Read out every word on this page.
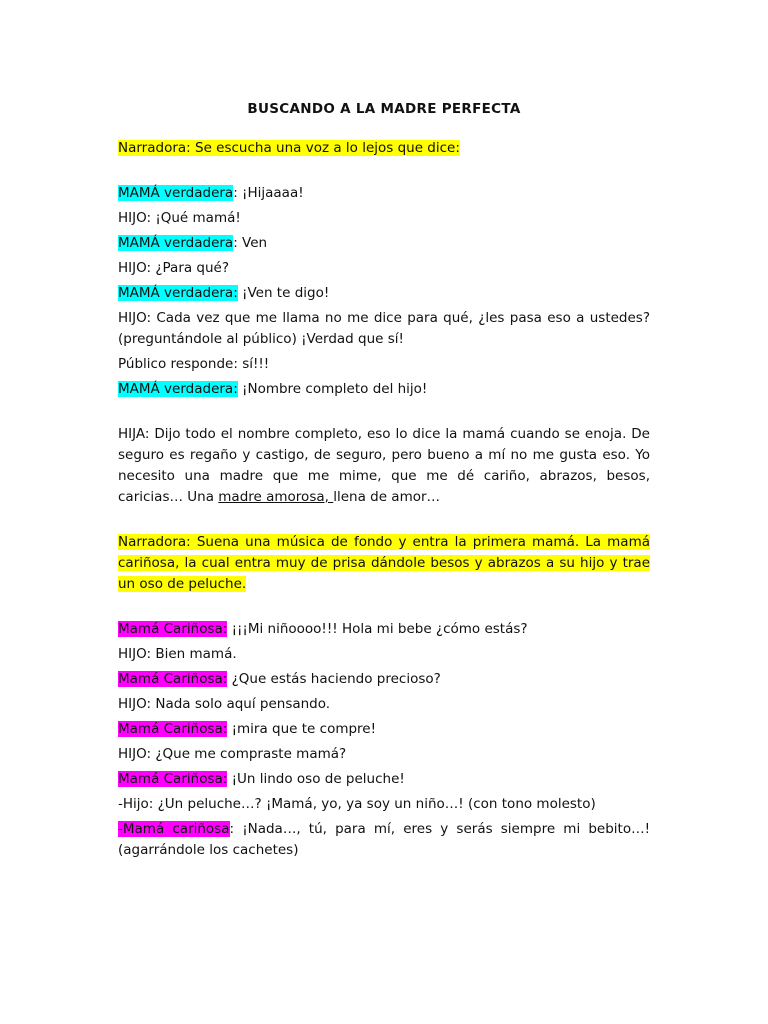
BUSCANDO A LA MADRE PERFECTA
Narradora: Se escucha una voz a lo lejos que dice:
MAMÁ verdadera: ¡Hijaaaa!
HIJO: ¡Qué mamá!
MAMÁ verdadera: Ven
HIJO: ¿Para qué?
MAMÁ verdadera: ¡Ven te digo!
HIJO: Cada vez que me llama no me dice para qué, ¿les pasa eso a ustedes? (preguntándole al público) ¡Verdad que sí!
Público responde: sí!!!
MAMÁ verdadera: ¡Nombre completo del hijo!
HIJA: Dijo todo el nombre completo, eso lo dice la mamá cuando se enoja. De seguro es regaño y castigo, de seguro, pero bueno a mí no me gusta eso. Yo necesito una madre que me mime, que me dé cariño, abrazos, besos, caricias… Una madre amorosa, llena de amor…
Narradora: Suena una música de fondo y entra la primera mamá. La mamá cariñosa, la cual entra muy de prisa dándole besos y abrazos a su hijo y trae un oso de peluche.
Mamá Cariñosa: ¡¡¡Mi niñoooo!!! Hola mi bebe ¿cómo estás?
HIJO: Bien mamá.
Mamá Cariñosa: ¿Que estás haciendo precioso?
HIJO: Nada solo aquí pensando.
Mamá Cariñosa: ¡mira que te compre!
HIJO: ¿Que me compraste mamá?
Mamá Cariñosa: ¡Un lindo oso de peluche!
-Hijo: ¿Un peluche…? ¡Mamá, yo, ya soy un niño…! (con tono molesto)
-Mamá cariñosa: ¡Nada…, tú, para mí, eres y serás siempre mi bebito…! (agarrándole los cachetes)
